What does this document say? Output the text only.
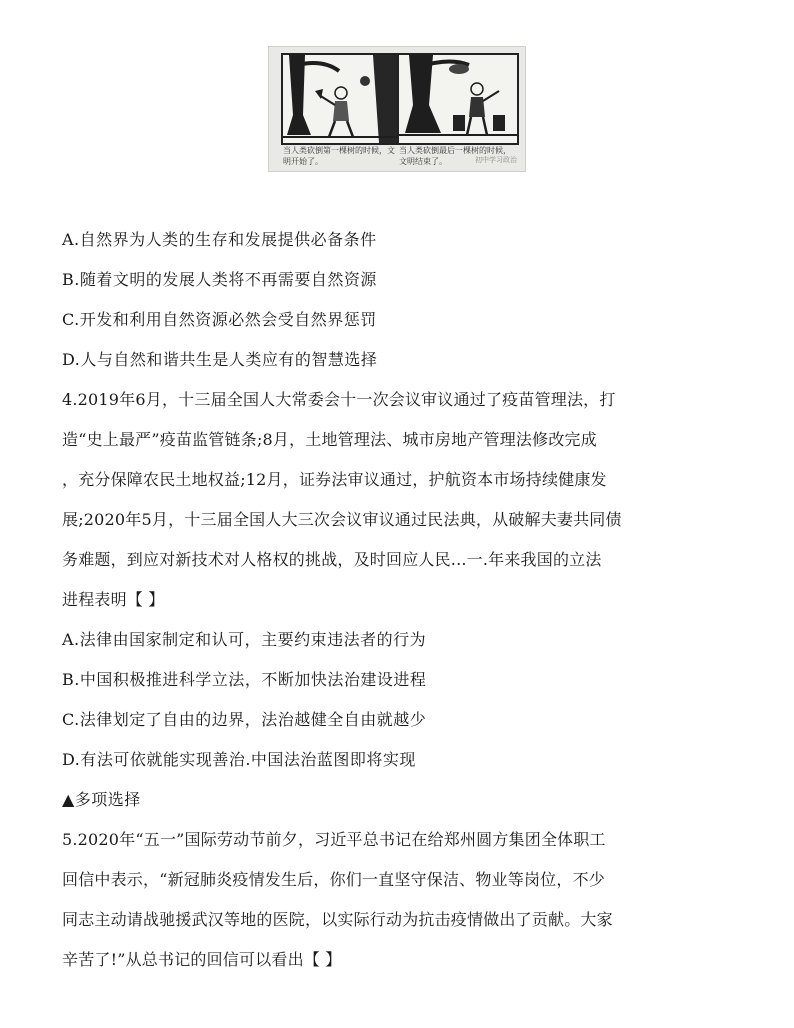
当人类砍倒第一棵树的时候，文明开始了。
当人类砍倒最后一棵树的时候，文明结束了。	初中学习政治
A.自然界为人类的生存和发展提供必备条件
B.随着文明的发展人类将不再需要自然资源
C.开发和利用自然资源必然会受自然界惩罚
D.人与自然和谐共生是人类应有的智慧选择
4.2019年6月，十三届全国人大常委会十一次会议审议通过了疫苗管理法，打
造“史上最严”疫苗监管链条;8月，土地管理法、城市房地产管理法修改完成
，充分保障农民土地权益;12月，证券法审议通过，护航资本市场持续健康发
展;2020年5月，十三届全国人大三次会议审议通过民法典，从破解夫妻共同债
务难题，到应对新技术对人格权的挑战，及时回应人民...一.年来我国的立法
进程表明【 】
A.法律由国家制定和认可，主要约束违法者的行为
B.中国积极推进科学立法，不断加快法治建设进程
C.法律划定了自由的边界，法治越健全自由就越少
D.有法可依就能实现善治.中国法治蓝图即将实现
▲多项选择
5.2020年“五一”国际劳动节前夕，习近平总书记在给郑州圆方集团全体职工
回信中表示，“新冠肺炎疫情发生后，你们一直坚守保洁、物业等岗位，不少
同志主动请战驰援武汉等地的医院，以实际行动为抗击疫情做出了贡献。大家
辛苦了!”从总书记的回信可以看出【 】
